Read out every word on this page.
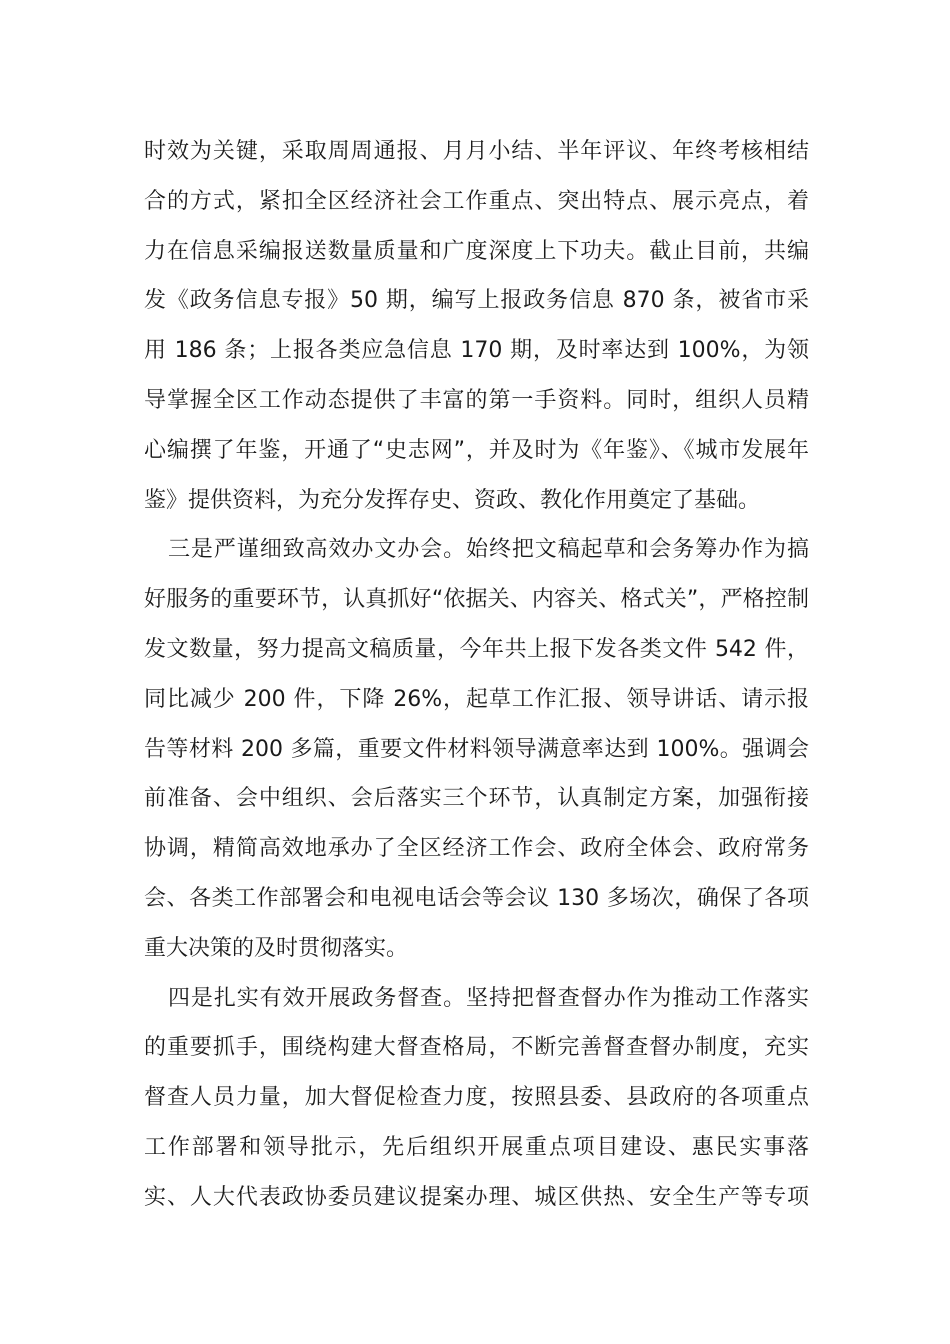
时效为关键，采取周周通报、月月小结、半年评议、年终考核相结
合的方式，紧扣全区经济社会工作重点、突出特点、展示亮点，着
力在信息采编报送数量质量和广度深度上下功夫。截止目前，共编
发《政务信息专报》50 期，编写上报政务信息 870 条，被省市采
用 186 条；上报各类应急信息 170 期，及时率达到 100%，为领
导掌握全区工作动态提供了丰富的第一手资料。同时，组织人员精
心编撰了年鉴，开通了“史志网”，并及时为《年鉴》、《城市发展年
鉴》提供资料，为充分发挥存史、资政、教化作用奠定了基础。
三是严谨细致高效办文办会。始终把文稿起草和会务筹办作为搞
好服务的重要环节，认真抓好“依据关、内容关、格式关”，严格控制
发文数量，努力提高文稿质量，今年共上报下发各类文件 542 件，
同比减少 200 件，下降 26%，起草工作汇报、领导讲话、请示报
告等材料 200 多篇，重要文件材料领导满意率达到 100%。强调会
前准备、会中组织、会后落实三个环节，认真制定方案，加强衔接
协调，精简高效地承办了全区经济工作会、政府全体会、政府常务
会、各类工作部署会和电视电话会等会议 130 多场次，确保了各项
重大决策的及时贯彻落实。
四是扎实有效开展政务督查。坚持把督查督办作为推动工作落实
的重要抓手，围绕构建大督查格局，不断完善督查督办制度，充实
督查人员力量，加大督促检查力度，按照县委、县政府的各项重点
工作部署和领导批示，先后组织开展重点项目建设、惠民实事落
实、人大代表政协委员建议提案办理、城区供热、安全生产等专项
